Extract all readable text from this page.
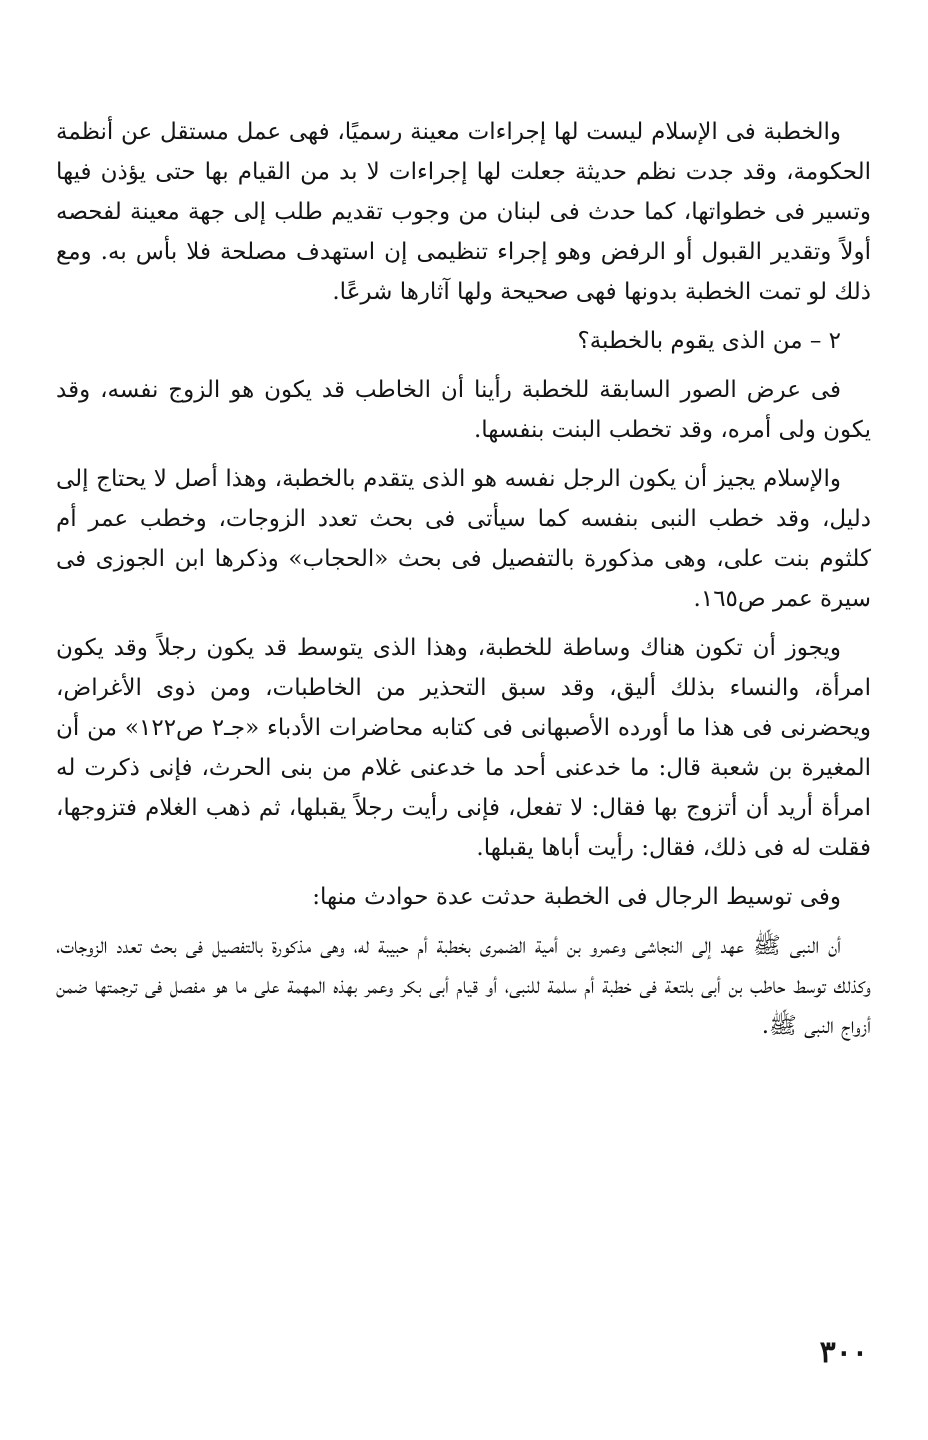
والخطبة فى الإسلام ليست لها إجراءات معينة رسميًا، فهى عمل مستقل عن أنظمة الحكومة، وقد جدت نظم حديثة جعلت لها إجراءات لا بد من القيام بها حتى يؤذن فيها وتسير فى خطواتها، كما حدث فى لبنان من وجوب تقديم طلب إلى جهة معينة لفحصه أولاً وتقدير القبول أو الرفض وهو إجراء تنظيمى إن استهدف مصلحة فلا بأس به. ومع ذلك لو تمت الخطبة بدونها فهى صحيحة ولها آثارها شرعًا.

٢ – من الذى يقوم بالخطبة؟

فى عرض الصور السابقة للخطبة رأينا أن الخاطب قد يكون هو الزوج نفسه، وقد يكون ولى أمره، وقد تخطب البنت بنفسها.

والإسلام يجيز أن يكون الرجل نفسه هو الذى يتقدم بالخطبة، وهذا أصل لا يحتاج إلى دليل، وقد خطب النبى بنفسه كما سيأتى فى بحث تعدد الزوجات، وخطب عمر أم كلثوم بنت على، وهى مذكورة بالتفصيل فى بحث «الحجاب» وذكرها ابن الجوزى فى سيرة عمر ص١٦٥.

ويجوز أن تكون هناك وساطة للخطبة، وهذا الذى يتوسط قد يكون رجلاً وقد يكون امرأة، والنساء بذلك أليق، وقد سبق التحذير من الخاطبات، ومن ذوى الأغراض، ويحضرنى فى هذا ما أورده الأصبهانى فى كتابه محاضرات الأدباء «جـ٢ ص١٢٢» من أن المغيرة بن شعبة قال: ما خدعنى أحد ما خدعنى غلام من بنى الحرث، فإنى ذكرت له امرأة أريد أن أتزوج بها فقال: لا تفعل، فإنى رأيت رجلاً يقبلها، ثم ذهب الغلام فتزوجها، فقلت له فى ذلك، فقال: رأيت أباها يقبلها.

وفى توسيط الرجال فى الخطبة حدثت عدة حوادث منها:

أن النبى ﷺ عهد إلى النجاشى وعمرو بن أمية الضمرى بخطبة أم حبيبة له، وهى مذكورة بالتفصيل فى بحث تعدد الزوجات، وكذلك توسط حاطب بن أبى بلتعة فى خطبة أم سلمة للنبى، أو قيام أبى بكر وعمر بهذه المهمة على ما هو مفصل فى ترجمتها ضمن أزواج النبى ﷺ.

٣٠٠
